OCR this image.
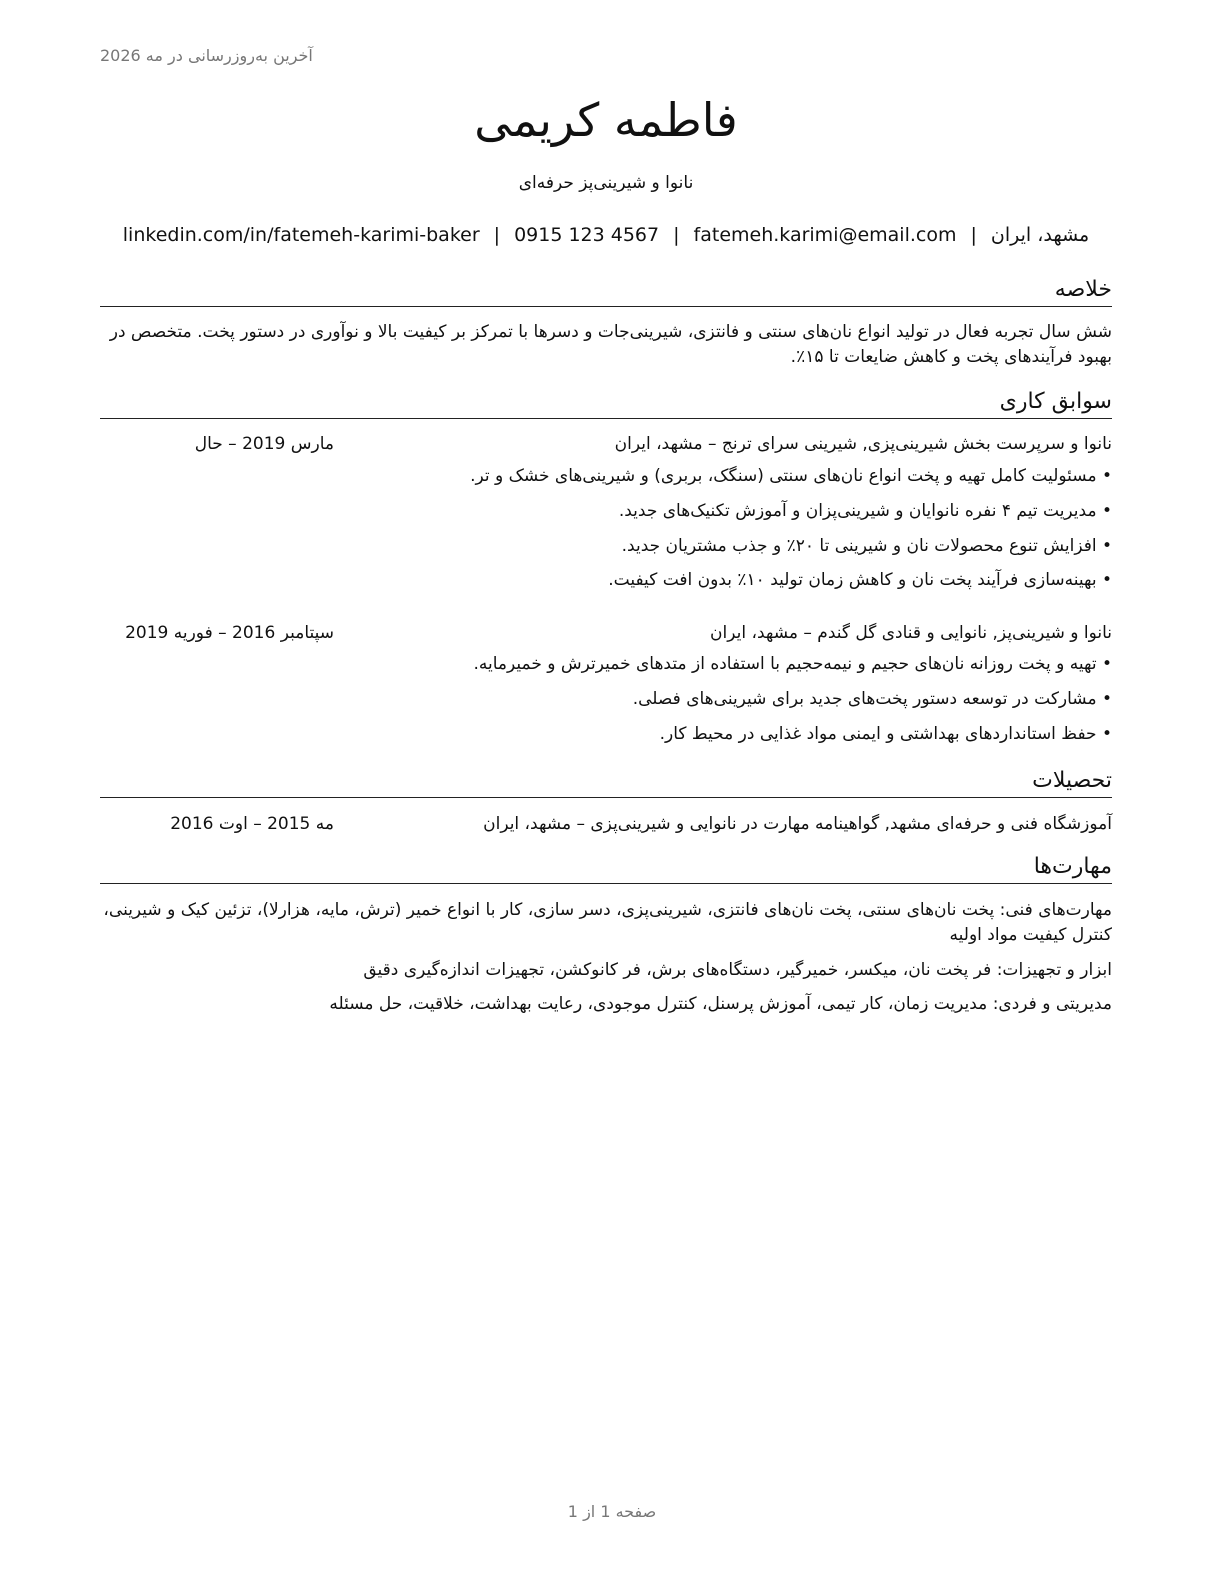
آخرین به‌روزرسانی در مه 2026
فاطمه کریمی
نانوا و شیرینی‌پز حرفه‌ای
مشهد، ایران|fatemeh.karimi@email.com|0915 123 4567|linkedin.com/in/fatemeh-karimi-baker
خلاصه
شش سال تجربه فعال در تولید انواع نان‌های سنتی و فانتزی، شیرینی‌جات و دسرها با تمرکز بر کیفیت بالا و نوآوری در دستور پخت. متخصص در بهبود فرآیندهای پخت و کاهش ضایعات تا ۱۵٪.
سوابق کاری
نانوا و سرپرست بخش شیرینی‌پزی, شیرینی سرای ترنج – مشهد، ایران
مارس 2019 – حال
• مسئولیت کامل تهیه و پخت انواع نان‌های سنتی (سنگک، بربری) و شیرینی‌های خشک و تر.
• مدیریت تیم ۴ نفره نانوایان و شیرینی‌پزان و آموزش تکنیک‌های جدید.
• افزایش تنوع محصولات نان و شیرینی تا ۲۰٪ و جذب مشتریان جدید.
• بهینه‌سازی فرآیند پخت نان و کاهش زمان تولید ۱۰٪ بدون افت کیفیت.
نانوا و شیرینی‌پز, نانوایی و قنادی گل گندم – مشهد، ایران
سپتامبر 2016 – فوریه 2019
• تهیه و پخت روزانه نان‌های حجیم و نیمه‌حجیم با استفاده از متدهای خمیرترش و خمیرمایه.
• مشارکت در توسعه دستور پخت‌های جدید برای شیرینی‌های فصلی.
• حفظ استانداردهای بهداشتی و ایمنی مواد غذایی در محیط کار.
تحصیلات
آموزشگاه فنی و حرفه‌ای مشهد, گواهینامه مهارت در نانوایی و شیرینی‌پزی – مشهد، ایران
مه 2015 – اوت 2016
مهارت‌ها
مهارت‌های فنی: پخت نان‌های سنتی، پخت نان‌های فانتزی، شیرینی‌پزی، دسر سازی، کار با انواع خمیر (ترش، مایه، هزارلا)، تزئین کیک و شیرینی، کنترل کیفیت مواد اولیه
ابزار و تجهیزات: فر پخت نان، میکسر، خمیرگیر، دستگاه‌های برش، فر کانوکشن، تجهیزات اندازه‌گیری دقیق
مدیریتی و فردی: مدیریت زمان، کار تیمی، آموزش پرسنل، کنترل موجودی، رعایت بهداشت، خلاقیت، حل مسئله
صفحه 1 از 1
